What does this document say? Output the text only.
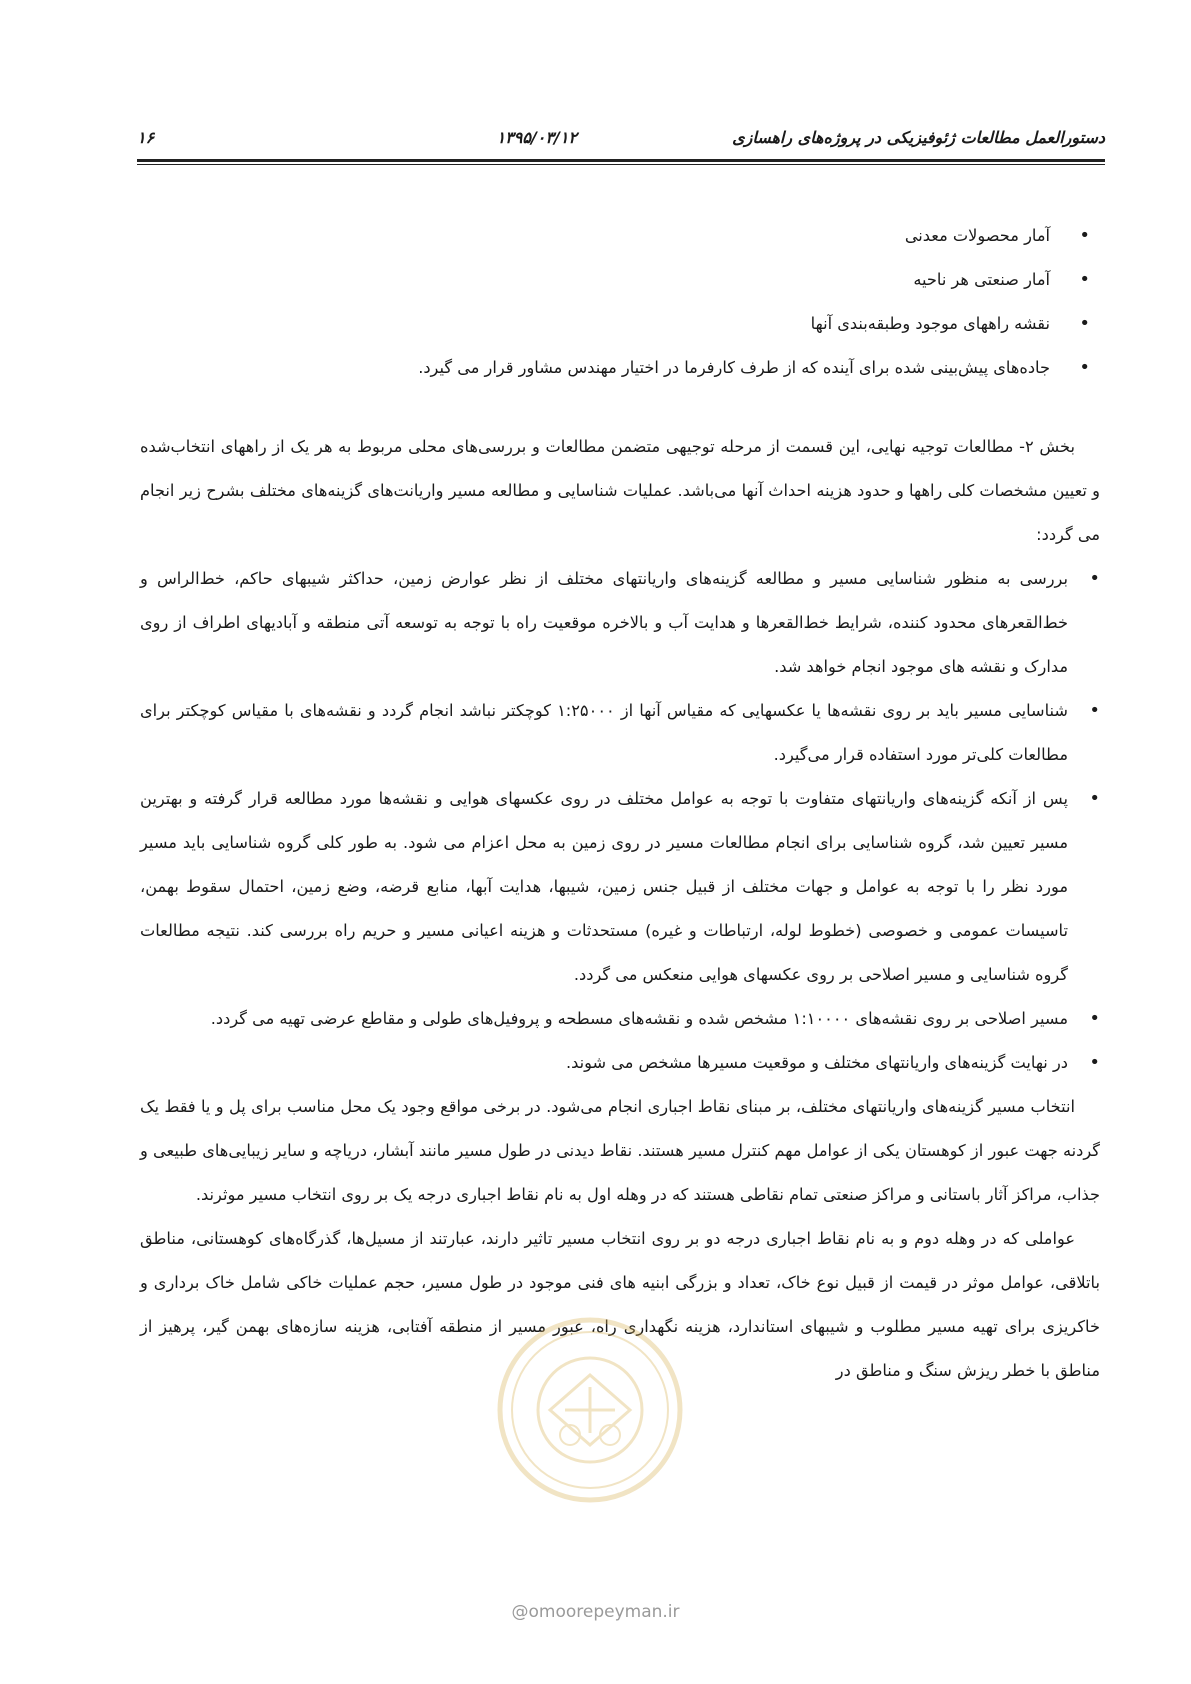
دستورالعمل مطالعات ژئوفیزیکی در پروژه‌های راهسازی
۱۳۹۵/۰۳/۱۲
۱۶
• آمار محصولات معدنی
• آمار صنعتی هر ناحیه
• نقشه راههای موجود وطبقه‌بندی آنها
• جاده‌های پیش‌بینی شده برای آینده که از طرف کارفرما در اختیار مهندس مشاور قرار می گیرد.

بخش ۲- مطالعات توجیه نهایی، این قسمت از مرحله توجیهی متضمن مطالعات و بررسی‌های محلی مربوط به هر یک از راههای انتخاب‌شده و تعیین مشخصات کلی راهها و حدود هزینه احداث آنها می‌باشد. عملیات شناسایی و مطالعه مسیر واریانت‌های گزینه‌های مختلف بشرح زیر انجام می گردد:

• بررسی به منظور شناسایی مسیر و مطالعه گزینه‌های واریانتهای مختلف از نظر عوارض زمین، حداکثر شیبهای حاکم، خط‌الراس و خط‌القعرهای محدود کننده، شرایط خط‌القعرها و هدایت آب و بالاخره موقعیت راه با توجه به توسعه آتی منطقه و آبادیهای اطراف از روی مدارک و نقشه های موجود انجام خواهد شد.
• شناسایی مسیر باید بر روی نقشه‌ها یا عکسهایی که مقیاس آنها از ۱:۲۵۰۰۰ کوچکتر نباشد انجام گردد و نقشه‌های با مقیاس کوچکتر برای مطالعات کلی‌تر مورد استفاده قرار می‌گیرد.
• پس از آنکه گزینه‌های واریانتهای متفاوت با توجه به عوامل مختلف در روی عکسهای هوایی و نقشه‌ها مورد مطالعه قرار گرفته و بهترین مسیر تعیین شد، گروه شناسایی برای انجام مطالعات مسیر در روی زمین به محل اعزام می شود. به طور کلی گروه شناسایی باید مسیر مورد نظر را با توجه به عوامل و جهات مختلف از قبیل جنس زمین، شیبها، هدایت آبها، منابع قرضه، وضع زمین، احتمال سقوط بهمن، تاسیسات عمومی و خصوصی (خطوط لوله، ارتباطات و غیره) مستحدثات و هزینه اعیانی مسیر و حریم راه بررسی کند. نتیجه مطالعات گروه شناسایی و مسیر اصلاحی بر روی عکسهای هوایی منعکس می گردد.
• مسیر اصلاحی بر روی نقشه‌های ۱:۱۰۰۰۰ مشخص شده و نقشه‌های مسطحه و پروفیل‌های طولی و مقاطع عرضی تهیه می گردد.
• در نهایت گزینه‌های واریانتهای مختلف و موقعیت مسیرها مشخص می شوند.

انتخاب مسیر گزینه‌های واریانتهای مختلف، بر مبنای نقاط اجباری انجام می‌شود. در برخی مواقع وجود یک محل مناسب برای پل و یا فقط یک گردنه جهت عبور از کوهستان یکی از عوامل مهم کنترل مسیر هستند. نقاط دیدنی در طول مسیر مانند آبشار، دریاچه و سایر زیبایی‌های طبیعی و جذاب، مراکز آثار باستانی و مراکز صنعتی تمام نقاطی هستند که در وهله اول به نام نقاط اجباری درجه یک بر روی انتخاب مسیر موثرند.

عواملی که در وهله دوم و به نام نقاط اجباری درجه دو بر روی انتخاب مسیر تاثیر دارند، عبارتند از مسیل‌ها، گذرگاه‌های کوهستانی، مناطق باتلاقی، عوامل موثر در قیمت از قبیل نوع خاک، تعداد و بزرگی ابنیه های فنی موجود در طول مسیر، حجم عملیات خاکی شامل خاک برداری و خاکریزی برای تهیه مسیر مطلوب و شیبهای استاندارد، هزینه نگهداری راه، عبور مسیر از منطقه آفتابی، هزینه سازه‌های بهمن گیر، پرهیز از مناطق با خطر ریزش سنگ و مناطق در

@omoorepeyman.ir
